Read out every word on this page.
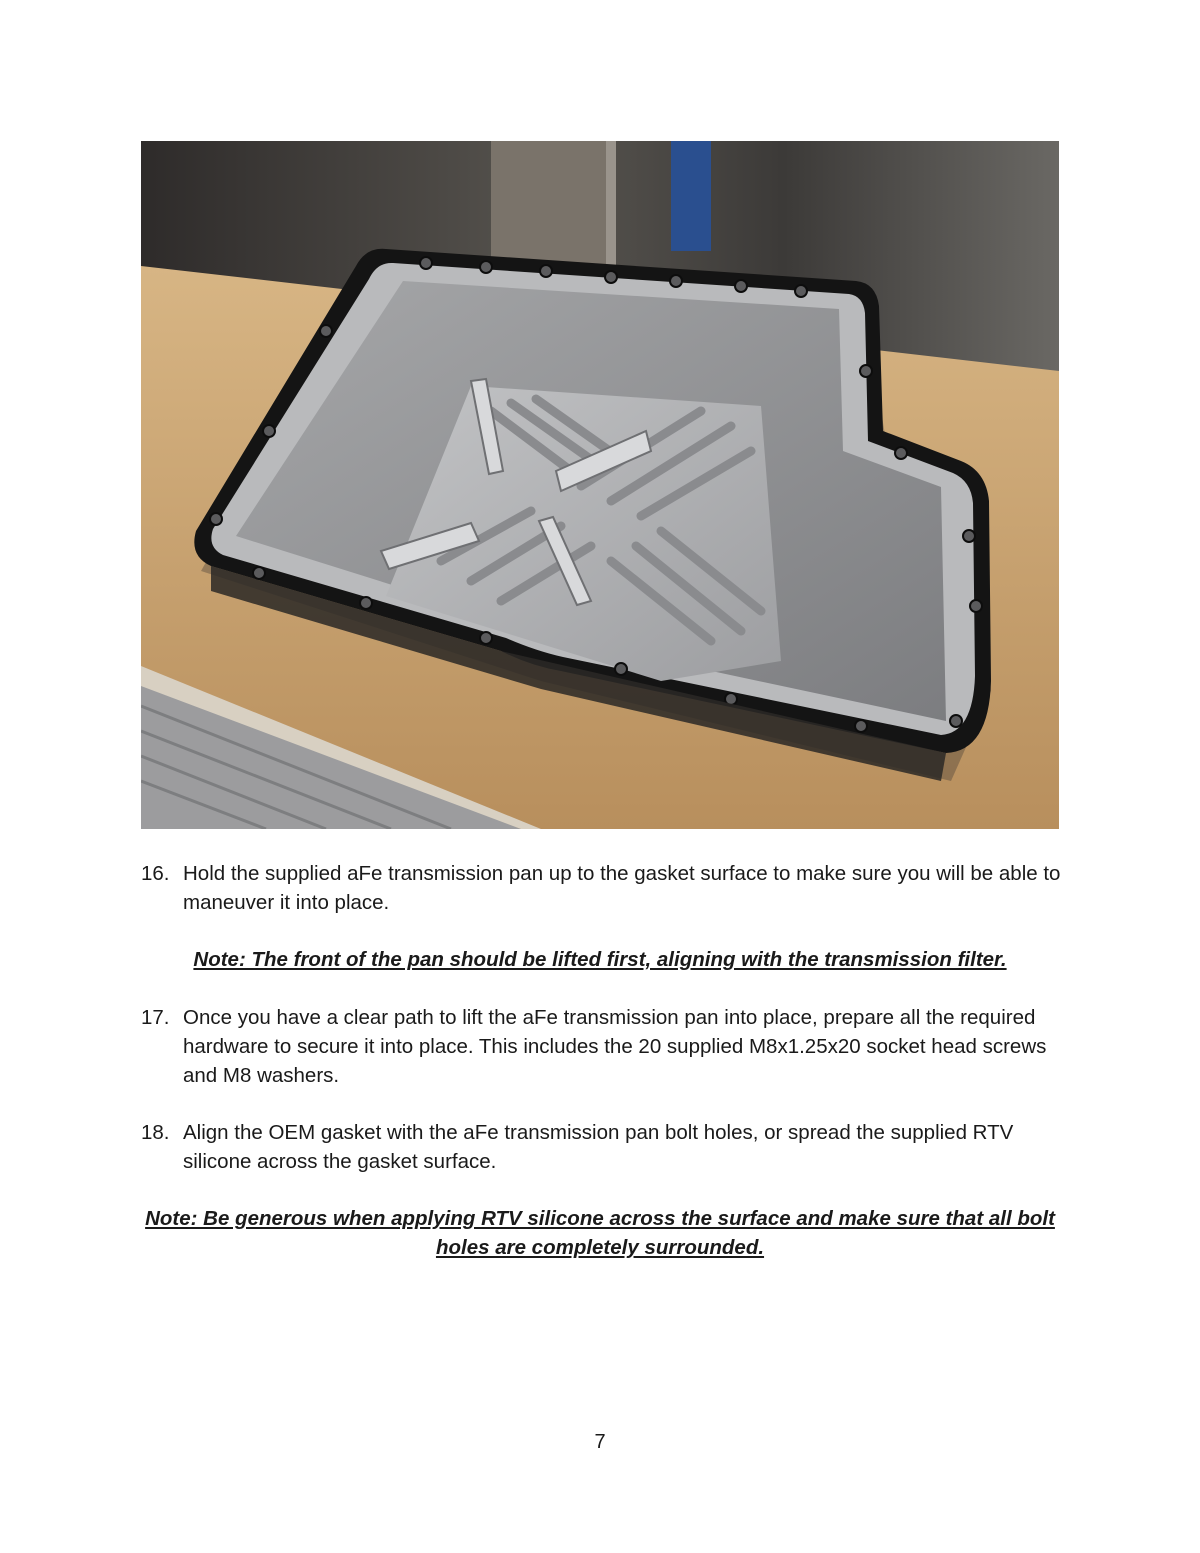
16. Hold the supplied aFe transmission pan up to the gasket surface to make sure you will be able to maneuver it into place.
Note: The front of the pan should be lifted first, aligning with the transmission filter.
17. Once you have a clear path to lift the aFe transmission pan into place, prepare all the required hardware to secure it into place. This includes the 20 supplied M8x1.25x20 socket head screws and M8 washers.
18. Align the OEM gasket with the aFe transmission pan bolt holes, or spread the supplied RTV silicone across the gasket surface.
Note: Be generous when applying RTV silicone across the surface and make sure that all bolt holes are completely surrounded.
7
